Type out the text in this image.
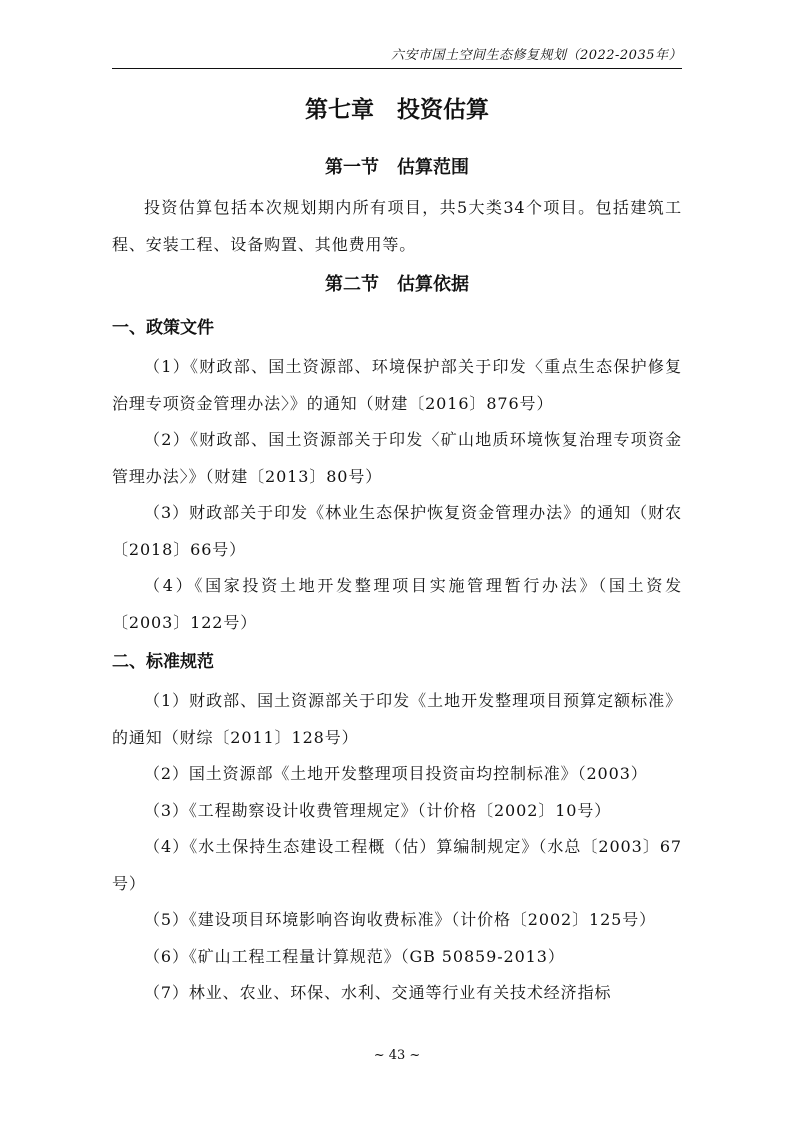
六安市国土空间生态修复规划（2022-2035年）
第七章　投资估算
第一节　估算范围

投资估算包括本次规划期内所有项目，共5大类34个项目。包括建筑工程、安装工程、设备购置、其他费用等。

第二节　估算依据
一、政策文件

（1）《财政部、国土资源部、环境保护部关于印发〈重点生态保护修复治理专项资金管理办法〉》的通知（财建〔2016〕876号）

（2）《财政部、国土资源部关于印发〈矿山地质环境恢复治理专项资金管理办法〉》（财建〔2013〕80号）

（3）财政部关于印发《林业生态保护恢复资金管理办法》的通知（财农〔2018〕66号）

（4）《国家投资土地开发整理项目实施管理暂行办法》（国土资发〔2003〕122号）

二、标准规范

（1）财政部、国土资源部关于印发《土地开发整理项目预算定额标准》的通知（财综〔2011〕128号）

（2）国土资源部《土地开发整理项目投资亩均控制标准》（2003）

（3）《工程勘察设计收费管理规定》（计价格〔2002〕10号）

（4）《水土保持生态建设工程概（估）算编制规定》（水总〔2003〕67号）

（5）《建设项目环境影响咨询收费标准》（计价格〔2002〕125号）

（6）《矿山工程工程量计算规范》（GB 50859-2013）

（7）林业、农业、环保、水利、交通等行业有关技术经济指标

~ 43 ~
